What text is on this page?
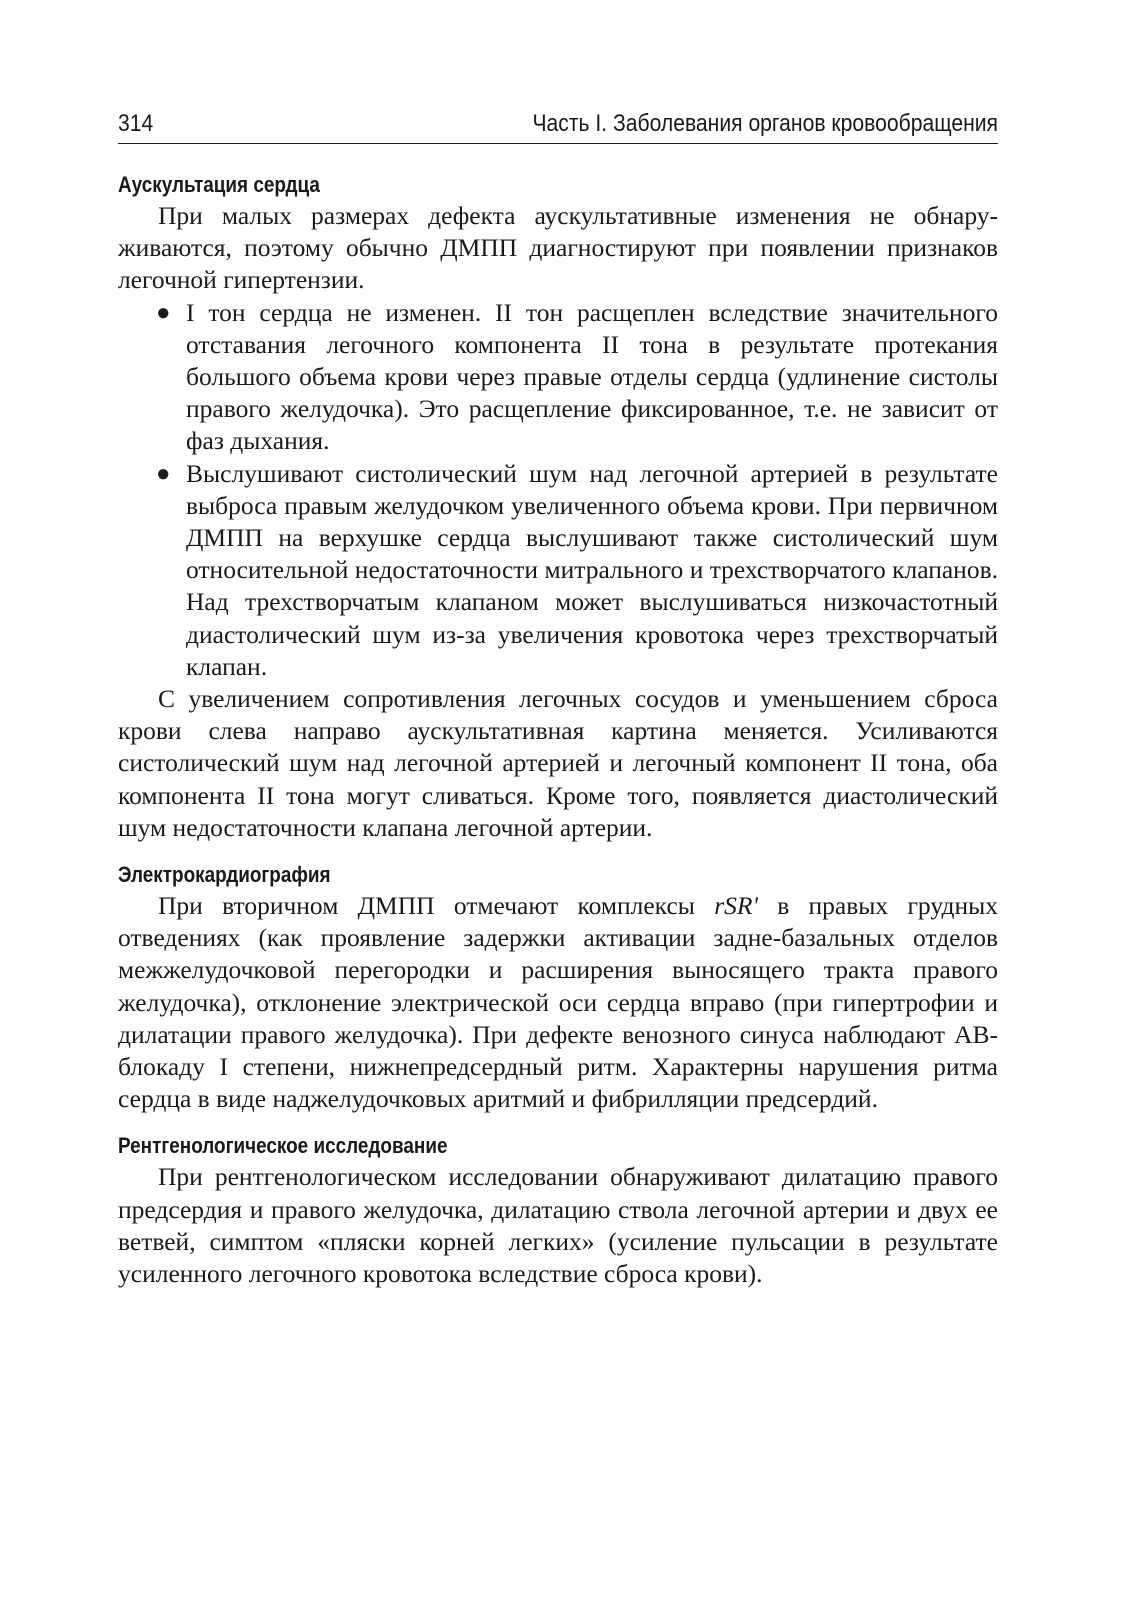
314	Часть I. Заболевания органов кровообращения
Аускультация сердца

При малых размерах дефекта аускультативные изменения не обнаруживаются, поэтому обычно ДМПП диагностируют при появлении признаков легочной гипертензии.

● I тон сердца не изменен. II тон расщеплен вследствие значительного отставания легочного компонента II тона в результате протекания большого объема крови через правые отделы сердца (удлинение систолы правого желудочка). Это расщепление фиксированное, т.е. не зависит от фаз дыхания.
● Выслушивают систолический шум над легочной артерией в результате выброса правым желудочком увеличенного объема крови. При первичном ДМПП на верхушке сердца выслушивают также систолический шум относительной недостаточности митрального и трехстворчатого клапанов. Над трехстворчатым клапаном может выслушиваться низкочастотный диастолический шум из-за увеличения кровотока через трехстворчатый клапан.

С увеличением сопротивления легочных сосудов и уменьшением сброса крови слева направо аускультативная картина меняется. Усиливаются систолический шум над легочной артерией и легочный компонент II тона, оба компонента II тона могут сливаться. Кроме того, появляется диастолический шум недостаточности клапана легочной артерии.

Электрокардиография

При вторичном ДМПП отмечают комплексы rSR' в правых грудных отведениях (как проявление задержки активации задне-базальных отделов межжелудочковой перегородки и расширения выносящего тракта правого желудочка), отклонение электрической оси сердца вправо (при гипертрофии и дилатации правого желудочка). При дефекте венозного синуса наблюдают АВ-блокаду I степени, нижнепредсердный ритм. Характерны нарушения ритма сердца в виде наджелудочковых аритмий и фибрилляции предсердий.

Рентгенологическое исследование

При рентгенологическом исследовании обнаруживают дилатацию правого предсердия и правого желудочка, дилатацию ствола легочной артерии и двух ее ветвей, симптом «пляски корней легких» (усиление пульсации в результате усиленного легочного кровотока вследствие сброса крови).
